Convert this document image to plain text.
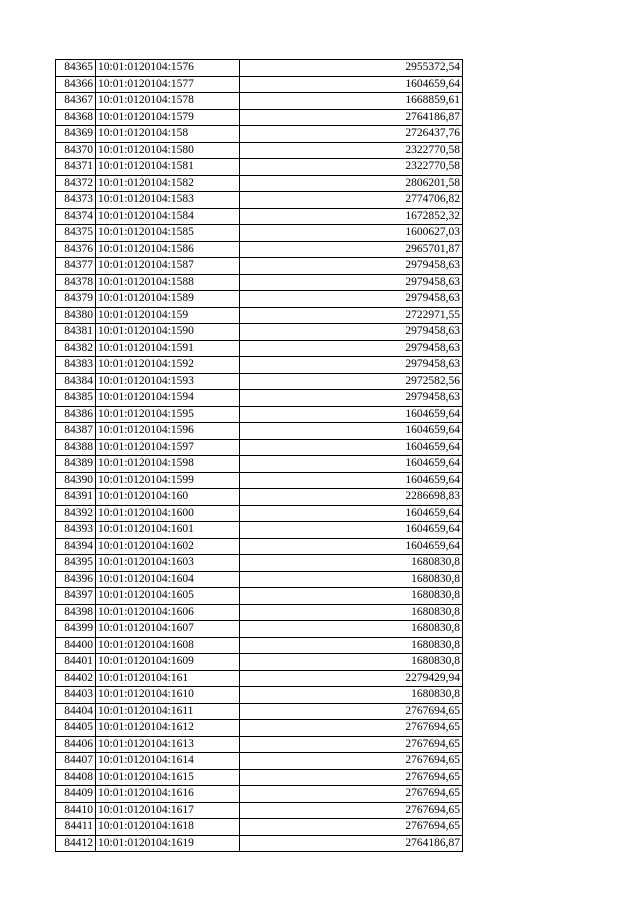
84365	10:01:0120104:1576	2955372,54
84366	10:01:0120104:1577	1604659,64
84367	10:01:0120104:1578	1668859,61
84368	10:01:0120104:1579	2764186,87
84369	10:01:0120104:158	2726437,76
84370	10:01:0120104:1580	2322770,58
84371	10:01:0120104:1581	2322770,58
84372	10:01:0120104:1582	2806201,58
84373	10:01:0120104:1583	2774706,82
84374	10:01:0120104:1584	1672852,32
84375	10:01:0120104:1585	1600627,03
84376	10:01:0120104:1586	2965701,87
84377	10:01:0120104:1587	2979458,63
84378	10:01:0120104:1588	2979458,63
84379	10:01:0120104:1589	2979458,63
84380	10:01:0120104:159	2722971,55
84381	10:01:0120104:1590	2979458,63
84382	10:01:0120104:1591	2979458,63
84383	10:01:0120104:1592	2979458,63
84384	10:01:0120104:1593	2972582,56
84385	10:01:0120104:1594	2979458,63
84386	10:01:0120104:1595	1604659,64
84387	10:01:0120104:1596	1604659,64
84388	10:01:0120104:1597	1604659,64
84389	10:01:0120104:1598	1604659,64
84390	10:01:0120104:1599	1604659,64
84391	10:01:0120104:160	2286698,83
84392	10:01:0120104:1600	1604659,64
84393	10:01:0120104:1601	1604659,64
84394	10:01:0120104:1602	1604659,64
84395	10:01:0120104:1603	1680830,8
84396	10:01:0120104:1604	1680830,8
84397	10:01:0120104:1605	1680830,8
84398	10:01:0120104:1606	1680830,8
84399	10:01:0120104:1607	1680830,8
84400	10:01:0120104:1608	1680830,8
84401	10:01:0120104:1609	1680830,8
84402	10:01:0120104:161	2279429,94
84403	10:01:0120104:1610	1680830,8
84404	10:01:0120104:1611	2767694,65
84405	10:01:0120104:1612	2767694,65
84406	10:01:0120104:1613	2767694,65
84407	10:01:0120104:1614	2767694,65
84408	10:01:0120104:1615	2767694,65
84409	10:01:0120104:1616	2767694,65
84410	10:01:0120104:1617	2767694,65
84411	10:01:0120104:1618	2767694,65
84412	10:01:0120104:1619	2764186,87
